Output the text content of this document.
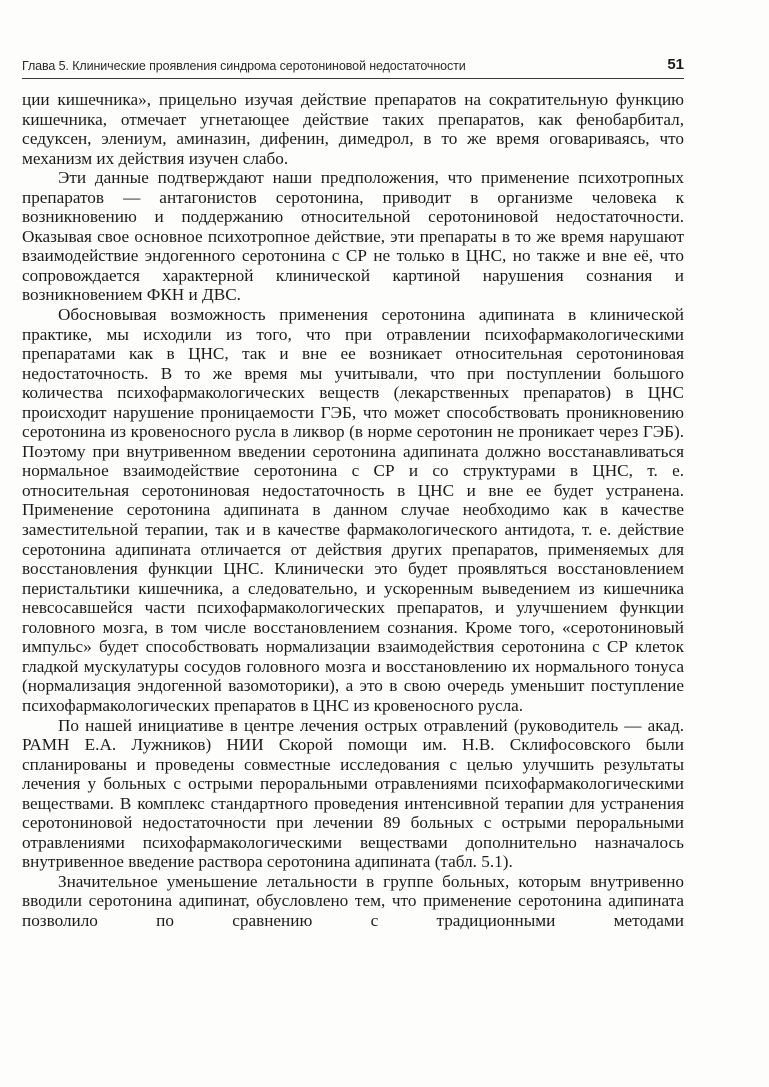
Глава 5. Клинические проявления синдрома серотониновой недостаточности	51

ции кишечника», прицельно изучая действие препаратов на сократительную функцию кишечника, отмечает угнетающее действие таких препаратов, как фенобарбитал, седуксен, элениум, аминазин, дифенин, димедрол, в то же время оговариваясь, что механизм их действия изучен слабо.

Эти данные подтверждают наши предположения, что применение психотропных препаратов — антагонистов серотонина, приводит в организме человека к возникновению и поддержанию относительной серотониновой недостаточности. Оказывая свое основное психотропное действие, эти препараты в то же время нарушают взаимодействие эндогенного серотонина с СР не только в ЦНС, но также и вне её, что сопровождается характерной клинической картиной нарушения сознания и возникновением ФКН и ДВС.

Обосновывая возможность применения серотонина адипината в клинической практике, мы исходили из того, что при отравлении психофармакологическими препаратами как в ЦНС, так и вне ее возникает относительная серотониновая недостаточность. В то же время мы учитывали, что при поступлении большого количества психофармакологических веществ (лекарственных препаратов) в ЦНС происходит нарушение проницаемости ГЭБ, что может способствовать проникновению серотонина из кровеносного русла в ликвор (в норме серотонин не проникает через ГЭБ). Поэтому при внутривенном введении серотонина адипината должно восстанавливаться нормальное взаимодействие серотонина с СР и со структурами в ЦНС, т. е. относительная серотониновая недостаточность в ЦНС и вне ее будет устранена. Применение серотонина адипината в данном случае необходимо как в качестве заместительной терапии, так и в качестве фармакологического антидота, т. е. действие серотонина адипината отличается от действия других препаратов, применяемых для восстановления функции ЦНС. Клинически это будет проявляться восстановлением перистальтики кишечника, а следовательно, и ускоренным выведением из кишечника невсосавшейся части психофармакологических препаратов, и улучшением функции головного мозга, в том числе восстановлением сознания. Кроме того, «серотониновый импульс» будет способствовать нормализации взаимодействия серотонина с СР клеток гладкой мускулатуры сосудов головного мозга и восстановлению их нормального тонуса (нормализация эндогенной вазомоторики), а это в свою очередь уменьшит поступление психофармакологических препаратов в ЦНС из кровеносного русла.

По нашей инициативе в центре лечения острых отравлений (руководитель — акад. РАМН Е.А. Лужников) НИИ Скорой помощи им. Н.В. Склифосовского были спланированы и проведены совместные исследования с целью улучшить результаты лечения у больных с острыми пероральными отравлениями психофармакологическими веществами. В комплекс стандартного проведения интенсивной терапии для устранения серотониновой недостаточности при лечении 89 больных с острыми пероральными отравлениями психофармакологическими веществами дополнительно назначалось внутривенное введение раствора серотонина адипината (табл. 5.1).

Значительное уменьшение летальности в группе больных, которым внутривенно вводили серотонина адипинат, обусловлено тем, что применение серотонина адипината позволило по сравнению с традиционными методами
